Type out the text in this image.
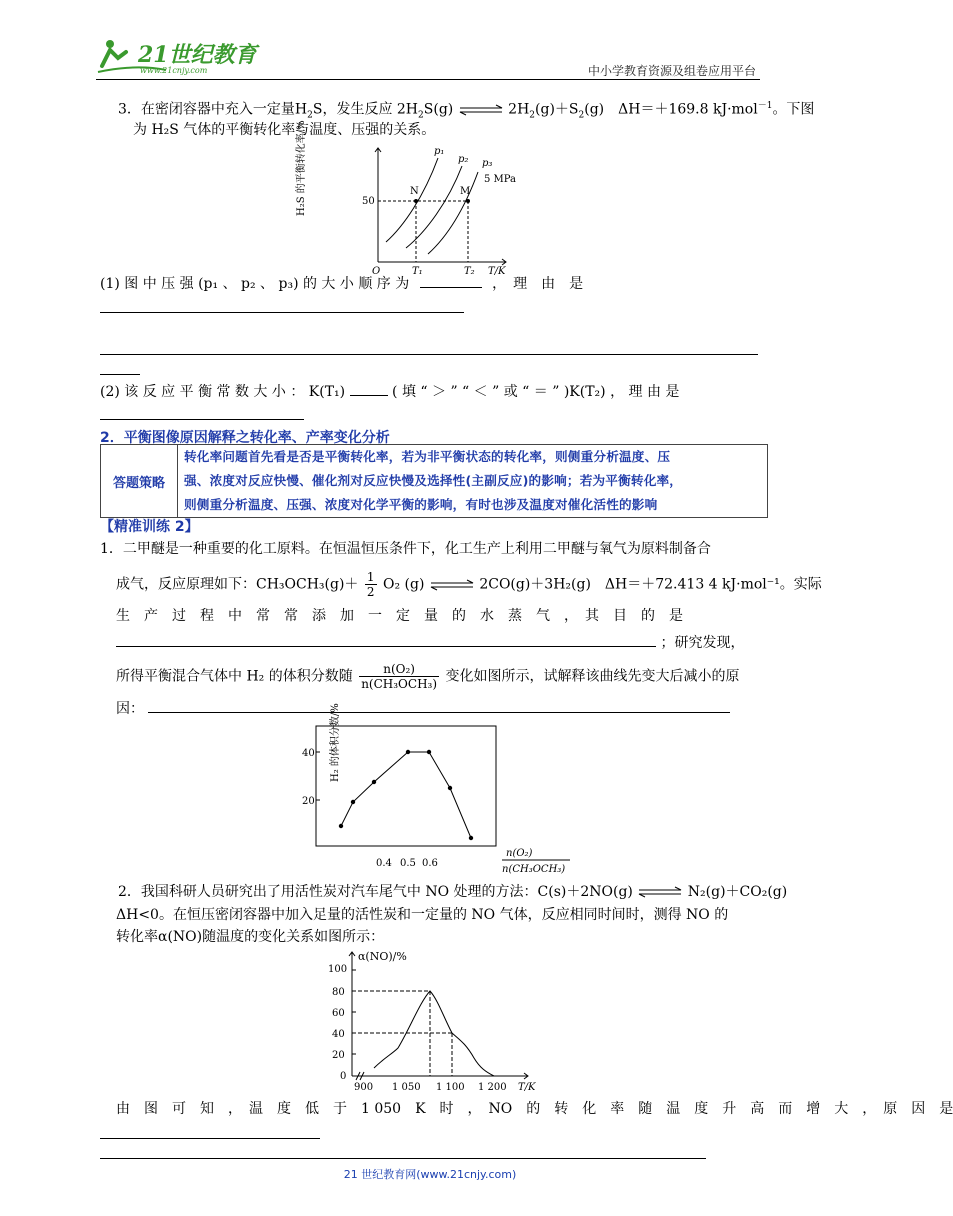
21世纪教育
www.21cnjy.com	中小学教育资源及组卷应用平台
3．在密闭容器中充入一定量$H_2S$，发生反应 $2H_2S(g)$ ⇌ $2H_2(g)+S_2(g)$　ΔH＝＋169.8 kJ·mol$^{-1}$。下图
为 H₂S 气体的平衡转化率与温度、压强的关系。
H₂S 的平衡转化率/%	50
p₁
p₂ p₃
5 MPa
N	M
O	T₁	T₂ T/K
(1) 图 中 压 强 (p₁ 、 p₂ 、 p₃) 的 大 小 顺 序 为	，　理　由　是
(2) 该 反 应 平 衡 常 数 大 小 ： K(T₁)	( 填 “ ＞ ” “ ＜ ” 或 “ ＝ ” )K(T₂) ， 理 由 是
2．平衡图像原因解释之转化率、产率变化分析
答题策略	
转化率问题首先看是否是平衡转化率，若为非平衡状态的转化率，则侧重分析温度、压
强、浓度对反应快慢、催化剂对反应快慢及选择性(主副反应)的影响；若为平衡转化率，
则侧重分析温度、压强、浓度对化学平衡的影响，有时也涉及温度对催化活性的影响
【精准训练 2】
1．二甲醚是一种重要的化工原料。在恒温恒压条件下，化工生产上利用二甲醚与氧气为原料制备合
成气，反应原理如下：$CH_3OCH_3(g)+ \frac{1}{2} O_2$ (g) ⇌ 2CO(g)＋3H₂(g)　ΔH＝＋72.413 4 kJ·mol⁻¹。实际
生　产　过　程　中　常　常　添　加　一　定　量　的　水　蒸　气　，　其　目　的　是
；研究发现，
所得平衡混合气体中 H₂ 的体积分数随 $\frac{\text{n(O₂)}}{\text{n(CH₃OCH₃)}}$ 变化如图所示，试解释该曲线先变大后减小的原
因：	H₂ 的体积分数/%
40
20
0.4 0.5 0.6
n(O₂)
n(CH₃OCH₃)
2．我国科研人员研究出了用活性炭对汽车尾气中 NO 处理的方法：C(s)＋2NO(g) ⇌ N₂(g)＋CO₂(g)
ΔH<0。在恒压密闭容器中加入足量的活性炭和一定量的 NO 气体，反应相同时间时，测得 NO 的
转化率α(NO)随温度的变化关系如图所示：
α(NO)/%
100
80
60
40
20
0
900 1 050 1 100 1 200 T/K
由　图　可　知　，　温　度　低　于　1 050　K　时　，　NO　的　转　化　率　随　温　度　升　高　而　增　大　，　原　因　是
21 世纪教育网(www.21cnjy.com)
